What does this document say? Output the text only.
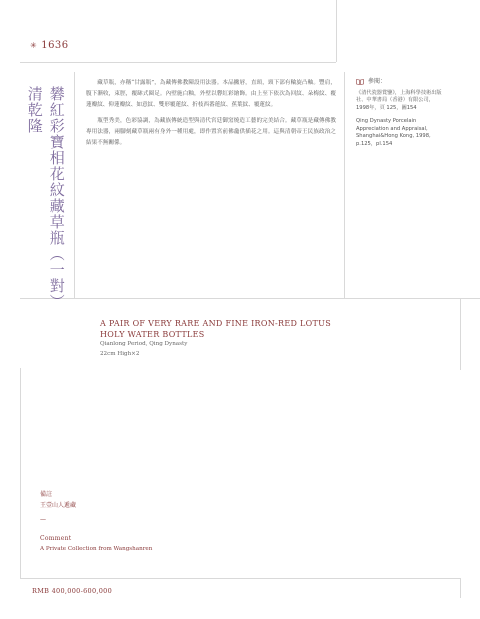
✳ 1636
清乾隆 礬紅彩寶相花紋藏草瓶（一對）

藏草瓶，亦稱“甘露瓶”，為藏傳佛教陳設用法器。本品撇唇，直頸，頸下部有輪旋凸軸。豐肩，腹下漸收，束脛，覆缽式圈足。內壁施白釉，外壁以礬紅彩繪飾。由上至下依次為回紋、朵梅紋、覆蓮瓣紋、仰蓮瓣紋、如意紋、雙形覆蓮紋、折枝西番蓮紋、蕉葉紋、覆蓮紋。

瓶型秀美，色彩協調，為藏族傳統造型與清代宮廷御窯燒造工藝的完美結合。藏草瓶是藏傳佛教專用法器，兩腳刻藏草瓶兩有身外一種用處，即作置宮前佛龕供插花之用。這與清朝帝王民族政治之結果不無關係。

參閱：
《清代瓷器賞鑒》，上海科學技術出版社、中華書局（香港）有限公司，1998年，頁 125，圖154
Qing Dynasty Porcelain Appreciation and Appraisal, Shanghai&Hong Kong, 1998, p.125，pl.154
A PAIR OF VERY RARE AND FINE IRON-RED LOTUS HOLY WATER BOTTLES
Qianlong Period, Qing Dynasty
22cm High×2
備註
王壹山人遞藏
—
Comment
A Private Collection from Wangshanren
RMB 400,000-600,000
